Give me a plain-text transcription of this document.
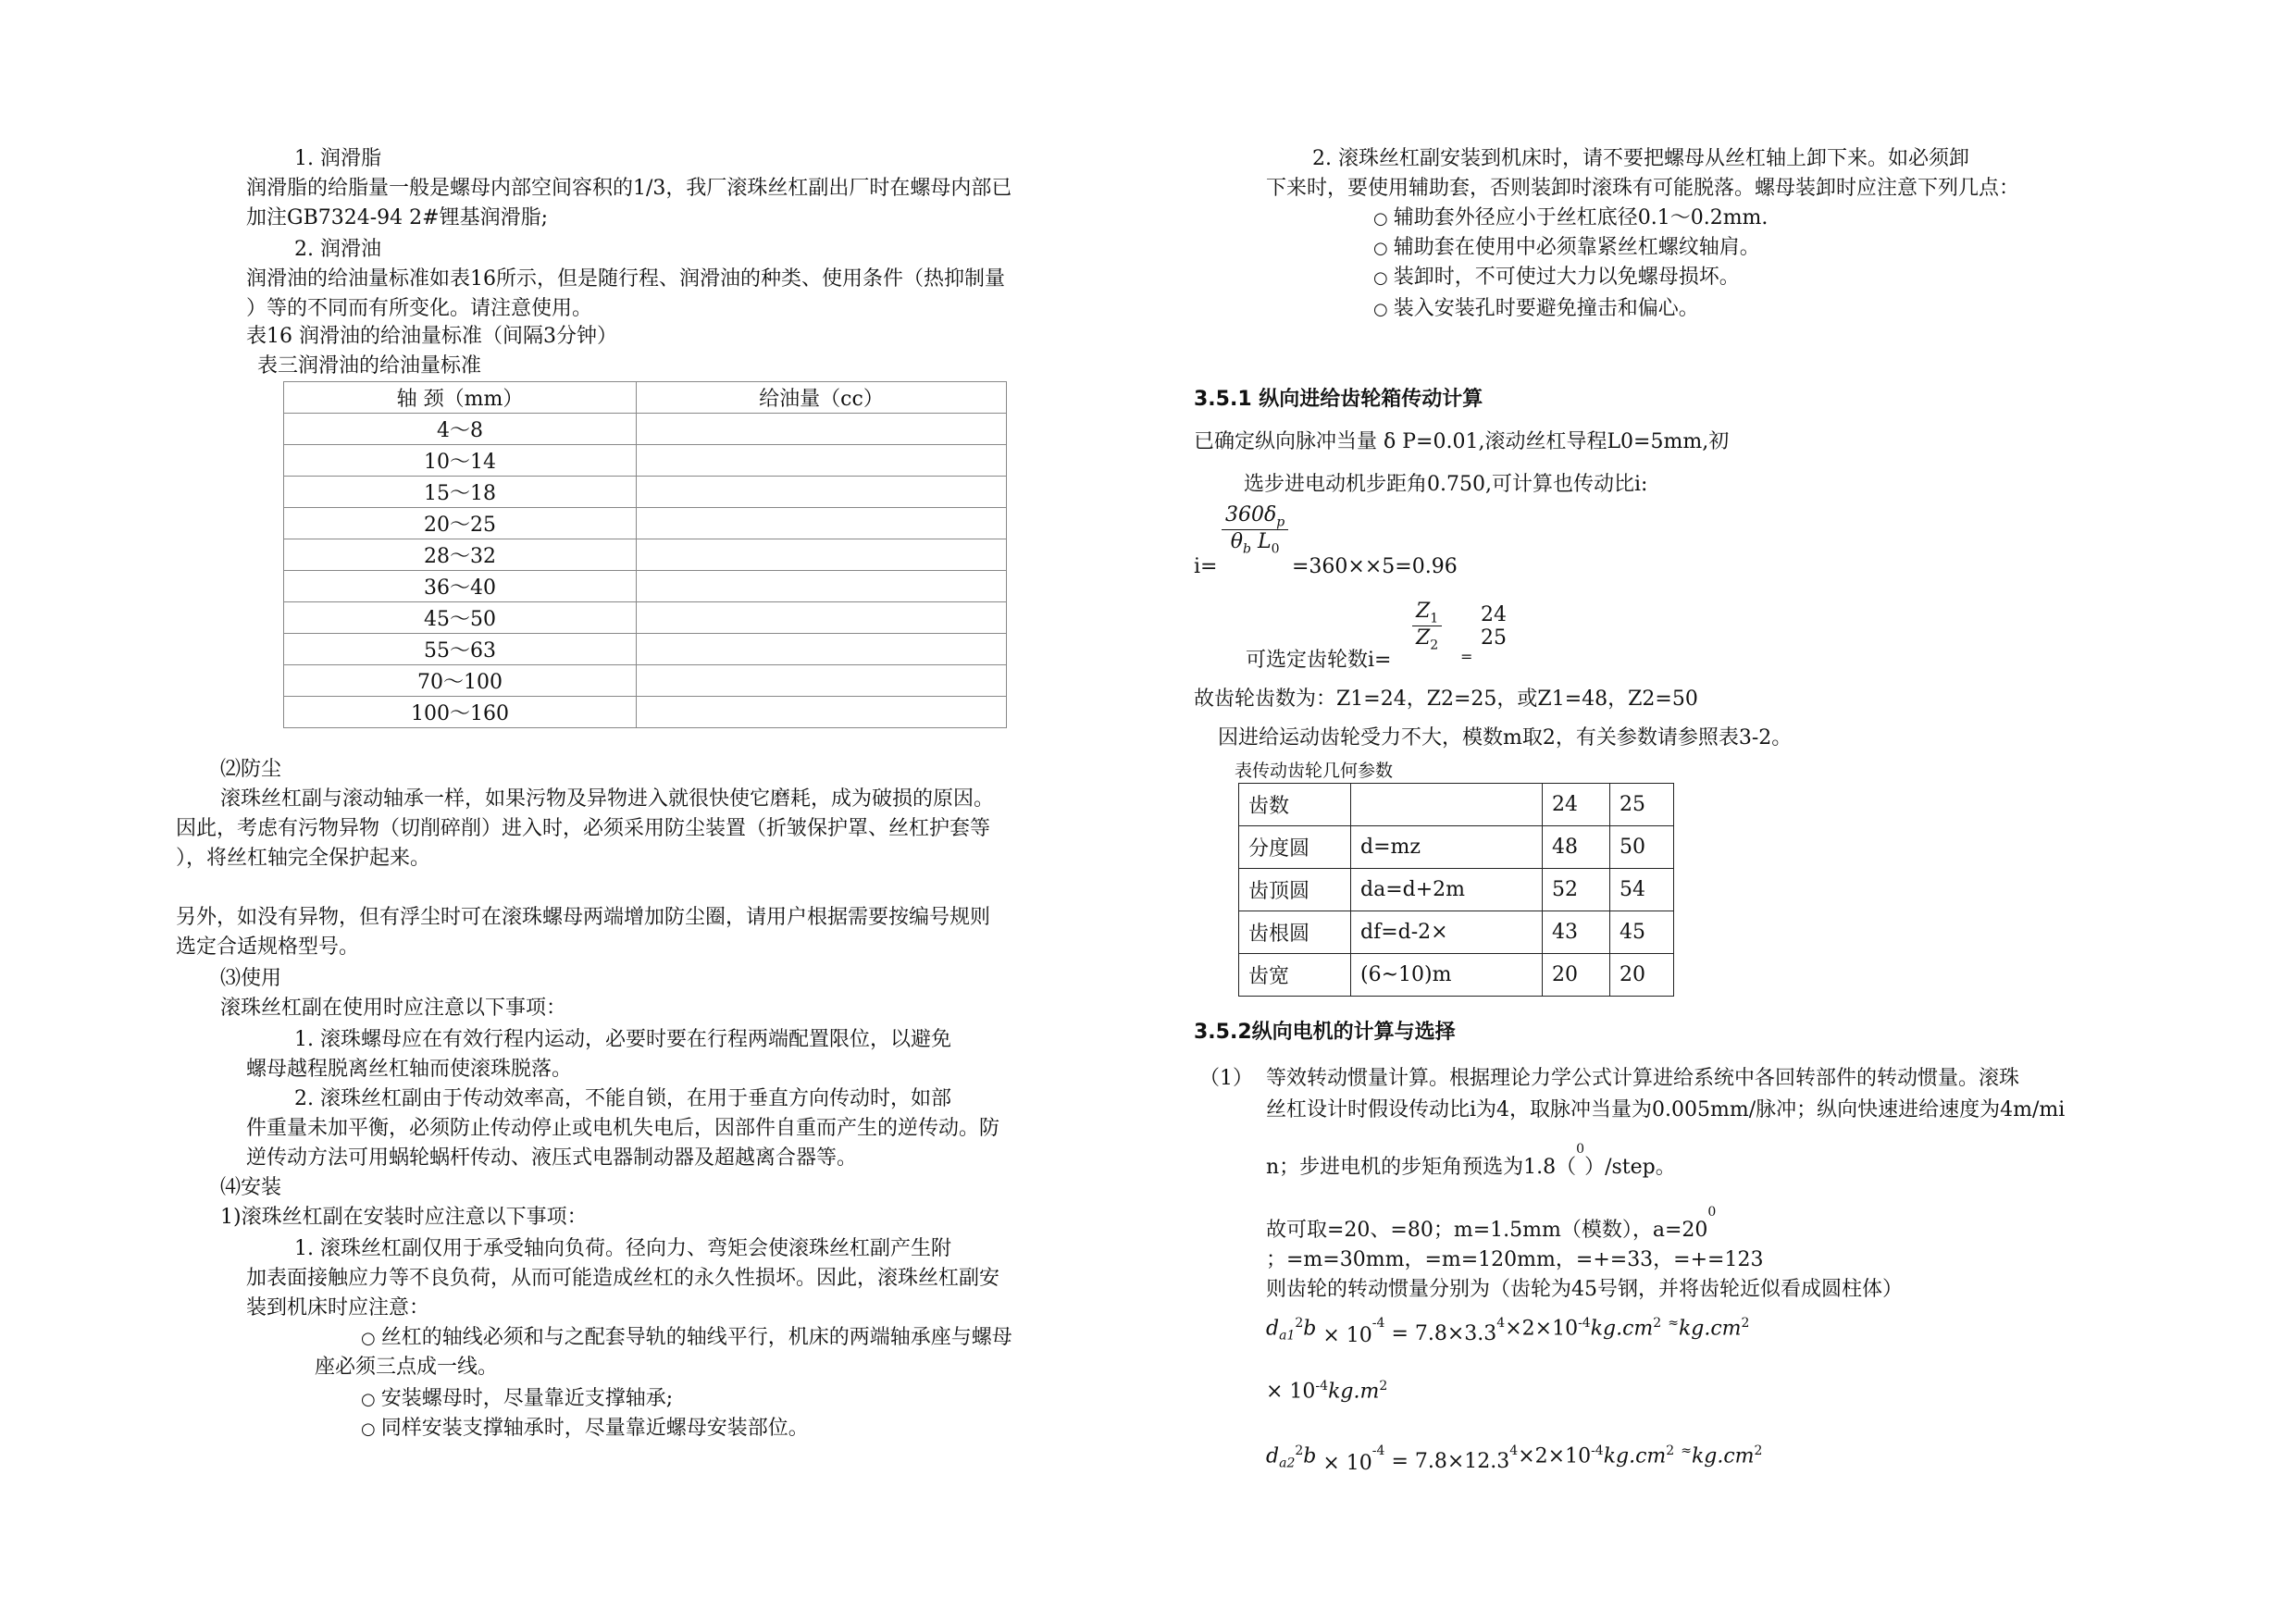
1. 润滑脂
润滑脂的给脂量一般是螺母内部空间容积的1/3，我厂滚珠丝杠副出厂时在螺母内部已
加注GB7324-94 2#锂基润滑脂;
2. 润滑油
润滑油的给油量标准如表16所示，但是随行程、润滑油的种类、使用条件（热抑制量
）等的不同而有所变化。请注意使用。
表16 润滑油的给油量标准（间隔3分钟）
表三润滑油的给油量标准
轴 颈（mm）	给油量（cc）
4～8	
10～14	
15～18	
20～25	
28～32	
36～40	
45～50	
55～63	
70～100	
100～160	
⑵防尘
滚珠丝杠副与滚动轴承一样，如果污物及异物进入就很快使它磨耗，成为破损的原因。
因此，考虑有污物异物（切削碎削）进入时，必须采用防尘装置（折皱保护罩、丝杠护套等
），将丝杠轴完全保护起来。
另外，如没有异物，但有浮尘时可在滚珠螺母两端增加防尘圈，请用户根据需要按编号规则
选定合适规格型号。
⑶使用
滚珠丝杠副在使用时应注意以下事项：
1. 滚珠螺母应在有效行程内运动，必要时要在行程两端配置限位，以避免
螺母越程脱离丝杠轴而使滚珠脱落。
2. 滚珠丝杠副由于传动效率高，不能自锁，在用于垂直方向传动时，如部
件重量未加平衡，必须防止传动停止或电机失电后，因部件自重而产生的逆传动。防
逆传动方法可用蜗轮蜗杆传动、液压式电器制动器及超越离合器等。
⑷安装
1)滚珠丝杠副在安装时应注意以下事项：
1. 滚珠丝杠副仅用于承受轴向负荷。径向力、弯矩会使滚珠丝杠副产生附
加表面接触应力等不良负荷，从而可能造成丝杠的永久性损坏。因此，滚珠丝杠副安
装到机床时应注意：
○ 丝杠的轴线必须和与之配套导轨的轴线平行，机床的两端轴承座与螺母
座必须三点成一线。
○ 安装螺母时，尽量靠近支撑轴承;
○ 同样安装支撑轴承时，尽量靠近螺母安装部位。
2. 滚珠丝杠副安装到机床时，请不要把螺母从丝杠轴上卸下来。如必须卸
下来时，要使用辅助套，否则装卸时滚珠有可能脱落。螺母装卸时应注意下列几点：
○ 辅助套外径应小于丝杠底径0.1～0.2mm.
○ 辅助套在使用中必须靠紧丝杠螺纹轴肩。
○ 装卸时，不可使过大力以免螺母损坏。
○ 装入安装孔时要避免撞击和偏心。
3.5.1 纵向进给齿轮箱传动计算
已确定纵向脉冲当量 δ P=0.01,滚动丝杠导程L0=5mm,初
选步进电动机步距角0.750,可计算也传动比i:
i=
$\frac{360\delta_p}{\theta_b L_0}$
=360××5=0.96
可选定齿轮数i=
$\frac{Z_1}{Z_2}$
=
24
25
故齿轮齿数为：Z1=24，Z2=25，或Z1=48，Z2=50
因进给运动齿轮受力不大，模数m取2，有关参数请参照表3-2。
表传动齿轮几何参数
齿数		24	25
分度圆	d=mz	48	50
齿顶圆	da=d+2m	52	54
齿根圆	df=d-2×	43	45
齿宽	(6~10)m	20	20
3.5.2纵向电机的计算与选择
（1） 等效转动惯量计算。根据理论力学公式计算进给系统中各回转部件的转动惯量。滚珠
丝杠设计时假设传动比i为4，取脉冲当量为0.005mm/脉冲；纵向快速进给速度为4m/mi
n；步进电机的步矩角预选为1.8（$^0$）/step。
故可取=20、=80；m=1.5mm（模数），$a=20^0$
；=m=30mm，=m=120mm，=+=33，=+=123
则齿轮的转动惯量分别为（齿轮为45号钢，并将齿轮近似看成圆柱体）
$d_{a1}^2b \times 10^{-4} = 7.8\times 3.3^4\times 2\times 10^{-4}kg.cm^2$ $^\approx kg.cm^2$
× $10^{-4}kg.m^2$
$d_{a2}^2b \times 10^{-4} = 7.8\times 12.3^4\times 2\times 10^{-4}kg.cm^2$ $^\approx kg.cm^2$
